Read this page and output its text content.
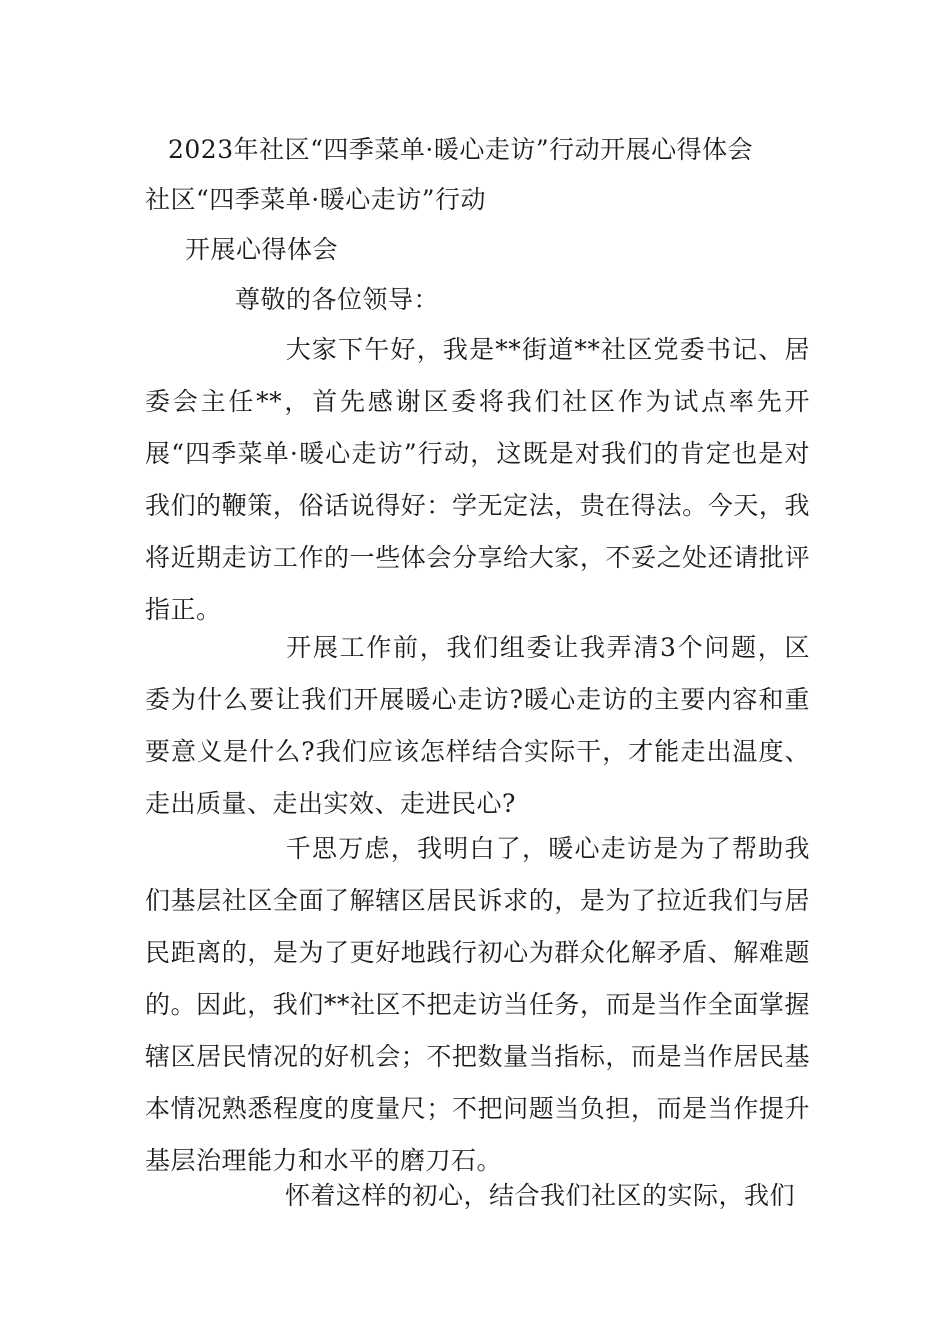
2023年社区“四季菜单·暖心走访”行动开展心得体会
社区“四季菜单·暖心走访”行动
开展心得体会
尊敬的各位领导：
大家下午好，我是**街道**社区党委书记、居委会主任**，首先感谢区委将我们社区作为试点率先开展“四季菜单·暖心走访”行动，这既是对我们的肯定也是对我们的鞭策，俗话说得好：学无定法，贵在得法。今天，我将近期走访工作的一些体会分享给大家，不妥之处还请批评指正。
开展工作前，我们组委让我弄清3个问题，区委为什么要让我们开展暖心走访?暖心走访的主要内容和重要意义是什么?我们应该怎样结合实际干，才能走出温度、走出质量、走出实效、走进民心?
千思万虑，我明白了，暖心走访是为了帮助我们基层社区全面了解辖区居民诉求的，是为了拉近我们与居民距离的，是为了更好地践行初心为群众化解矛盾、解难题的。因此，我们**社区不把走访当任务，而是当作全面掌握辖区居民情况的好机会；不把数量当指标，而是当作居民基本情况熟悉程度的度量尺；不把问题当负担，而是当作提升基层治理能力和水平的磨刀石。
怀着这样的初心，结合我们社区的实际，我们
